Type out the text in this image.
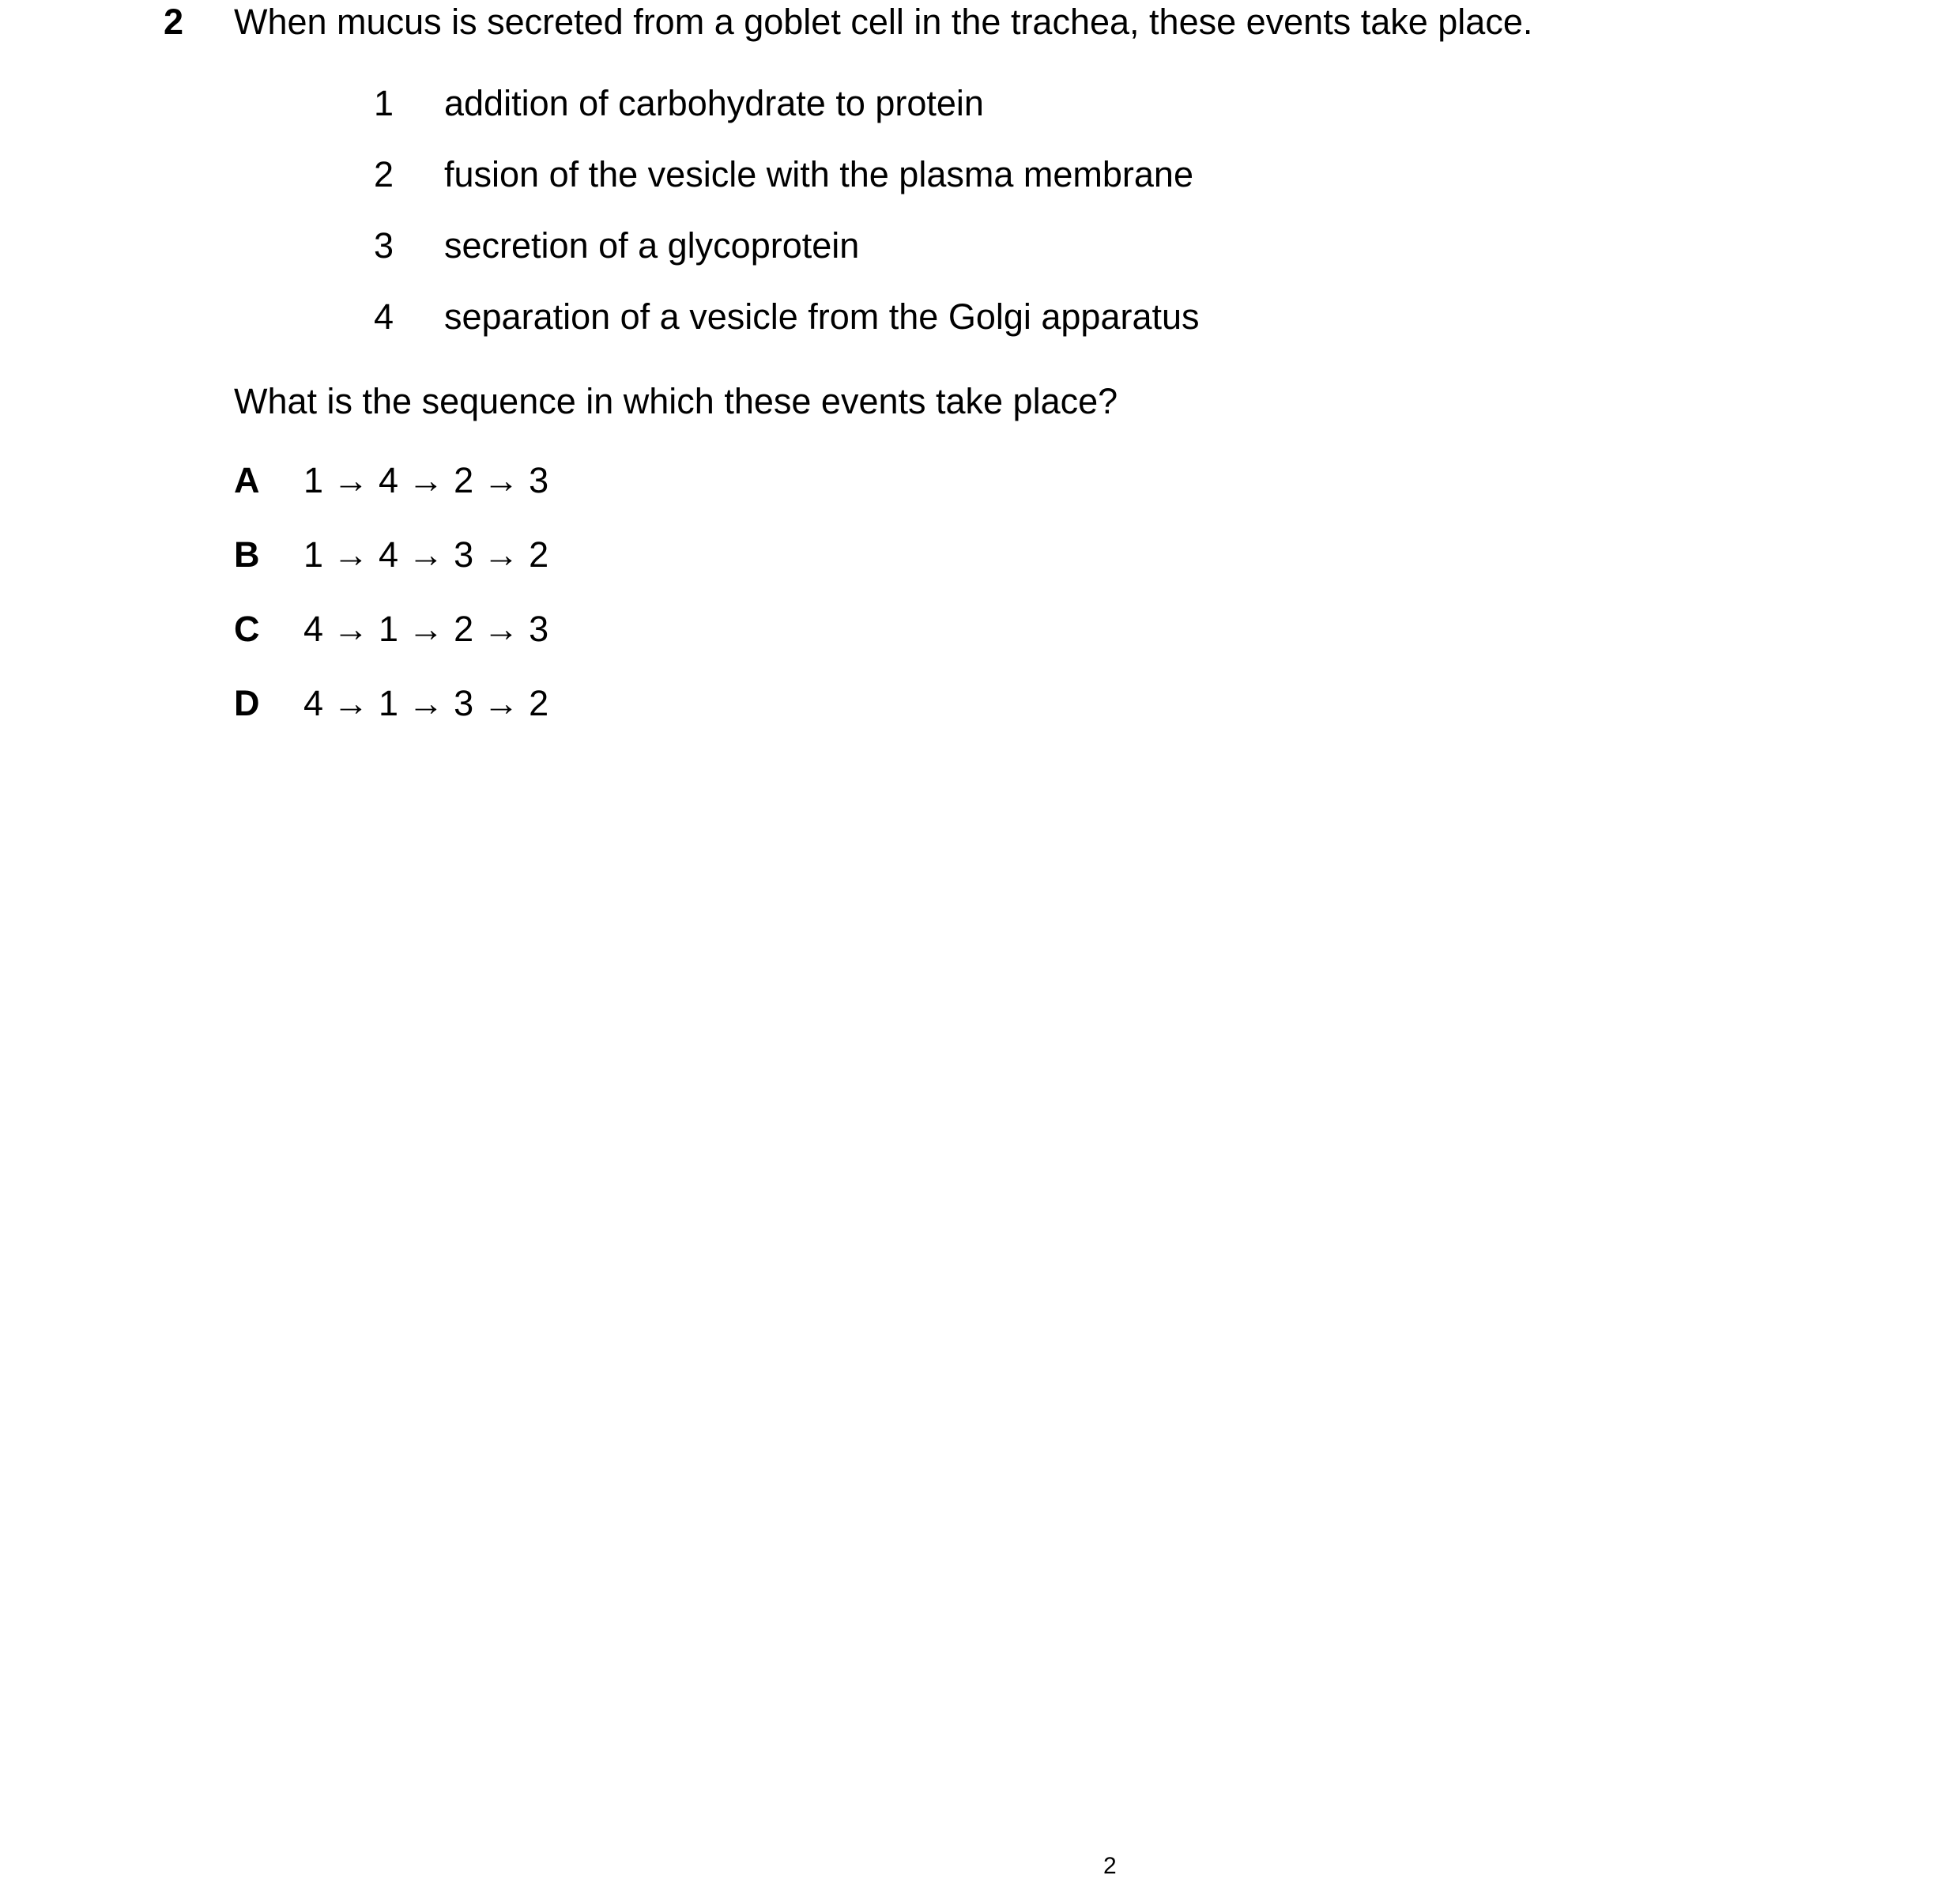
2 When mucus is secreted from a goblet cell in the trachea, these events take place.
1 addition of carbohydrate to protein
2 fusion of the vesicle with the plasma membrane
3 secretion of a glycoprotein
4 separation of a vesicle from the Golgi apparatus
What is the sequence in which these events take place?
A 1 → 4 → 2 → 3
B 1 → 4 → 3 → 2
C 4 → 1 → 2 → 3
D 4 → 1 → 3 → 2
2
